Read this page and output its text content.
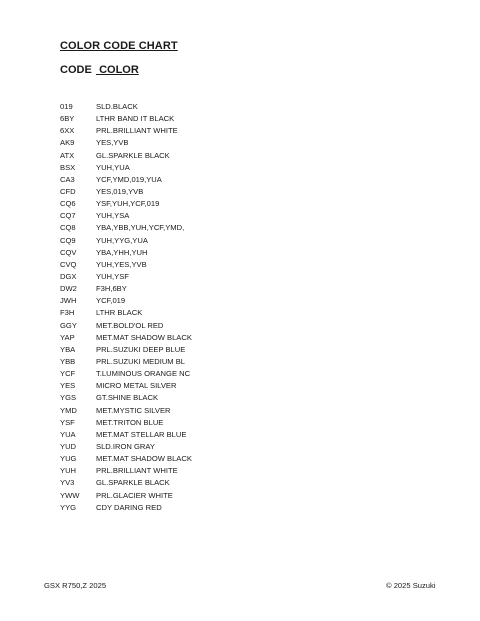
COLOR CODE CHART
CODE COLOR
019	SLD.BLACK
6BY	LTHR BAND IT BLACK
6XX	PRL.BRILLIANT WHITE
AK9	YES,YVB
ATX	GL.SPARKLE BLACK
BSX	YUH,YUA
CA3	YCF,YMD,019,YUA
CFD	YES,019,YVB
CQ6	YSF,YUH,YCF,019
CQ7	YUH,YSA
CQ8	YBA,YBB,YUH,YCF,YMD,
CQ9	YUH,YYG,YUA
CQV	YBA,YHH,YUH
CVQ	YUH,YES,YVB
DGX	YUH,YSF
DW2	F3H,6BY
JWH	YCF,019
F3H	LTHR BLACK
GGY	MET.BOLD'OL RED
YAP	MET.MAT SHADOW BLACK
YBA	PRL.SUZUKI DEEP BLUE
YBB	PRL.SUZUKI MEDIUM BL
YCF	T.LUMINOUS ORANGE NC
YES	MICRO METAL SILVER
YGS	GT.SHINE BLACK
YMD	MET.MYSTIC SILVER
YSF	MET.TRITON BLUE
YUA	MET.MAT STELLAR BLUE
YUD	SLD.IRON GRAY
YUG	MET.MAT SHADOW BLACK
YUH	PRL.BRILLIANT WHITE
YV3	GL.SPARKLE BLACK
YWW	PRL.GLACIER WHITE
YYG	CDY DARING RED
GSX R750,Z 2025	© 2025 Suzuki
